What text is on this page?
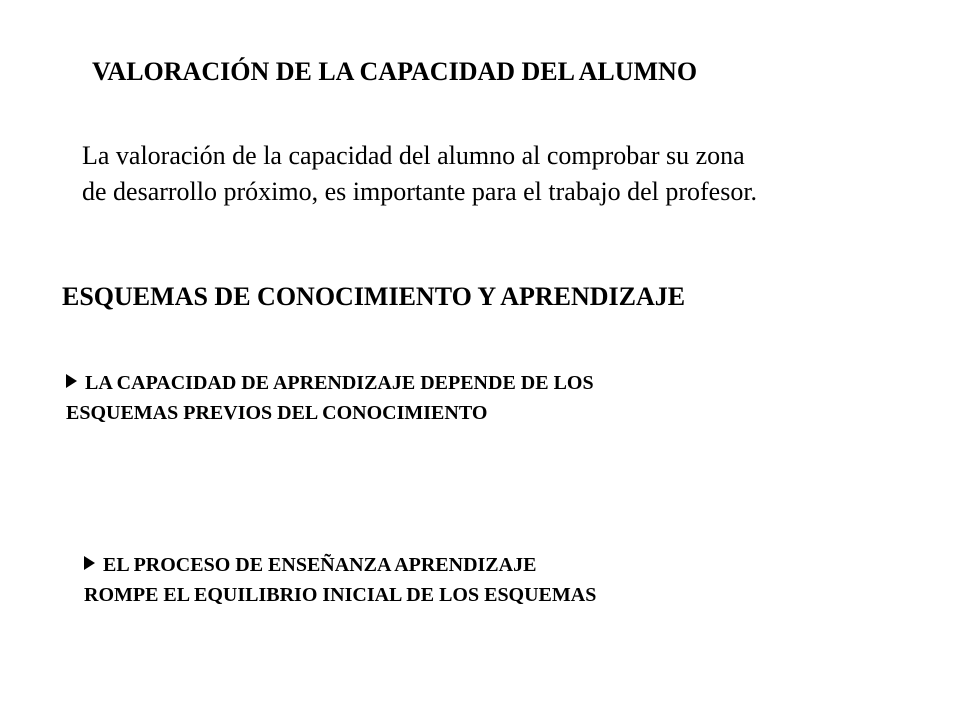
VALORACIÓN DE LA CAPACIDAD DEL ALUMNO
La valoración de la capacidad del alumno al comprobar su zona
de desarrollo próximo, es importante para el trabajo del profesor.
ESQUEMAS DE CONOCIMIENTO Y APRENDIZAJE
LA CAPACIDAD DE APRENDIZAJE DEPENDE DE LOS
ESQUEMAS PREVIOS DEL CONOCIMIENTO
EL PROCESO DE ENSEÑANZA APRENDIZAJE
ROMPE EL EQUILIBRIO INICIAL DE LOS ESQUEMAS
